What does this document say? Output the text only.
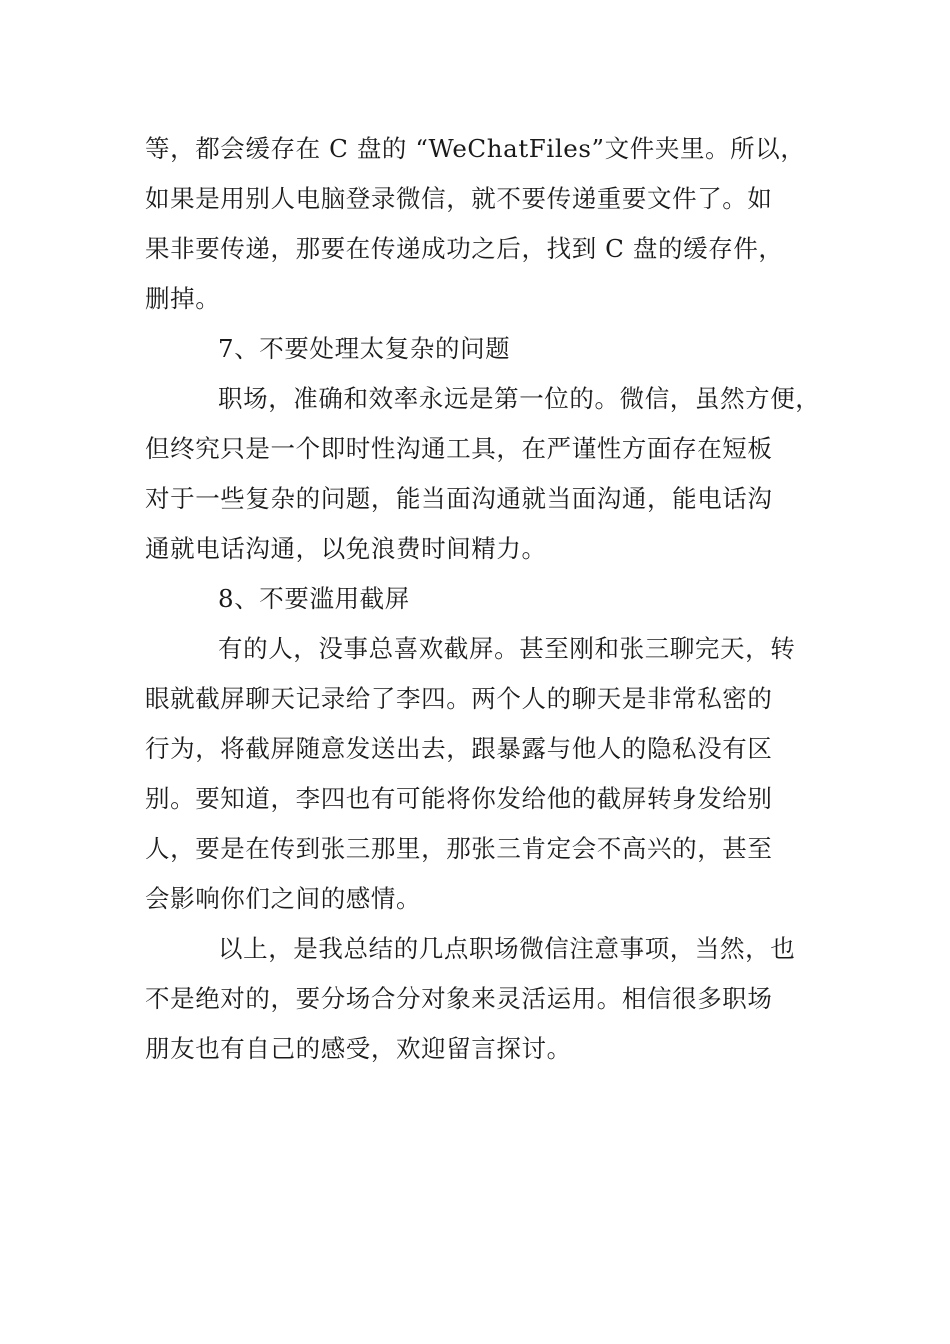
等，都会缓存在 C 盘的 “WeChatFiles”文件夹里。所以，
如果是用别人电脑登录微信，就不要传递重要文件了。如
果非要传递，那要在传递成功之后，找到 C 盘的缓存件，
删掉。
7、不要处理太复杂的问题
职场，准确和效率永远是第一位的。微信，虽然方便，
但终究只是一个即时性沟通工具，在严谨性方面存在短板
对于一些复杂的问题，能当面沟通就当面沟通，能电话沟
通就电话沟通，以免浪费时间精力。
8、不要滥用截屏
有的人，没事总喜欢截屏。甚至刚和张三聊完天，转
眼就截屏聊天记录给了李四。两个人的聊天是非常私密的
行为，将截屏随意发送出去，跟暴露与他人的隐私没有区
别。要知道，李四也有可能将你发给他的截屏转身发给别
人，要是在传到张三那里，那张三肯定会不高兴的，甚至
会影响你们之间的感情。
以上，是我总结的几点职场微信注意事项，当然，也
不是绝对的，要分场合分对象来灵活运用。相信很多职场
朋友也有自己的感受，欢迎留言探讨。
